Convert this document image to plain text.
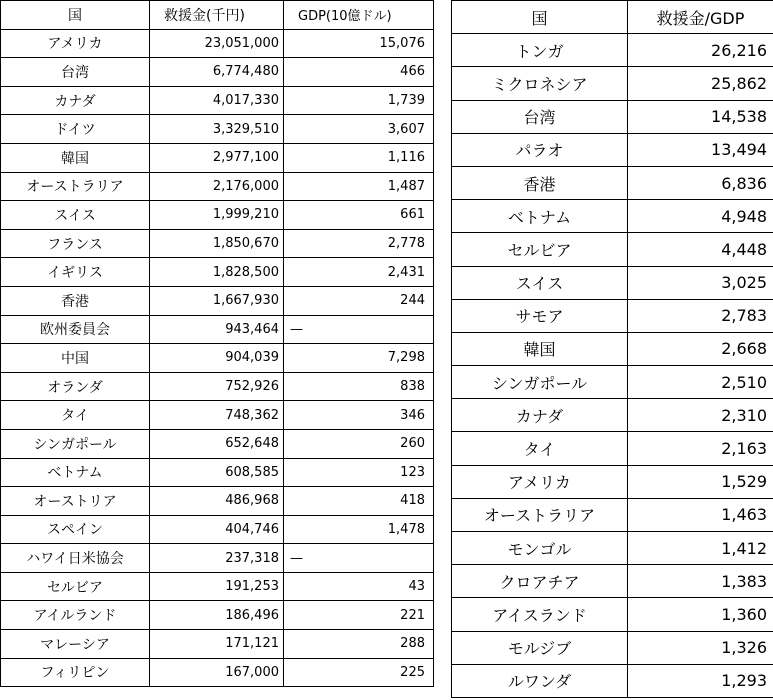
国	救援金(千円)	GDP(10億ドル)
アメリカ	23,051,000	15,076
台湾	6,774,480	466
カナダ	4,017,330	1,739
ドイツ	3,329,510	3,607
韓国	2,977,100	1,116
オーストラリア	2,176,000	1,487
スイス	1,999,210	661
フランス	1,850,670	2,778
イギリス	1,828,500	2,431
香港	1,667,930	244
欧州委員会	943,464	—
中国	904,039	7,298
オランダ	752,926	838
タイ	748,362	346
シンガポール	652,648	260
ベトナム	608,585	123
オーストリア	486,968	418
スペイン	404,746	1,478
ハワイ日米協会	237,318	—
セルビア	191,253	43
アイルランド	186,496	221
マレーシア	171,121	288
フィリピン	167,000	225
国	救援金/GDP
トンガ	26,216
ミクロネシア	25,862
台湾	14,538
パラオ	13,494
香港	6,836
ベトナム	4,948
セルビア	4,448
スイス	3,025
サモア	2,783
韓国	2,668
シンガポール	2,510
カナダ	2,310
タイ	2,163
アメリカ	1,529
オーストラリア	1,463
モンゴル	1,412
クロアチア	1,383
アイスランド	1,360
モルジブ	1,326
ルワンダ	1,293
